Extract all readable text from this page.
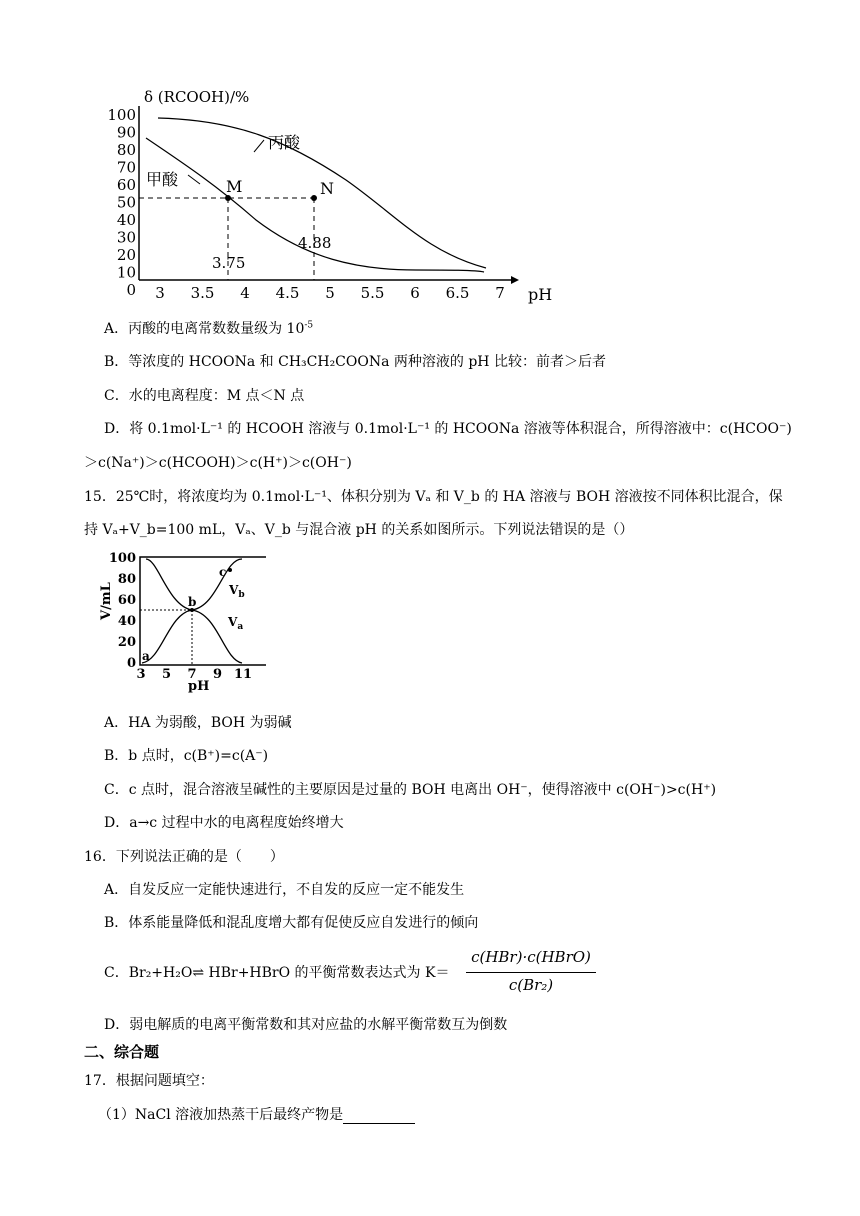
δ (RCOOH)/%
100
90
80
70
60
50
40
30
20
10
0 3 3.5 4 4.5 5 5.5 6 6.5 7 pH
M	N
丙酸
甲酸
3.75
4.88
A．丙酸的电离常数数量级为 $10^{-5}$
B．等浓度的 HCOONa 和 CH₃CH₂COONa 两种溶液的 pH 比较：前者＞后者
C．水的电离程度：M 点＜N 点
D．将 0.1mol·L⁻¹ 的 HCOOH 溶液与 0.1mol·L⁻¹ 的 HCOONa 溶液等体积混合，所得溶液中：c(HCOO⁻)
＞c(Na⁺)＞c(HCOOH)＞c(H⁺)＞c(OH⁻)
15．25℃时，将浓度均为 0.1mol·L⁻¹、体积分别为 Vₐ 和 V_b 的 HA 溶液与 BOH 溶液按不同体积比混合，保
持 Vₐ+V_b=100 mL，Vₐ、V_b 与混合液 pH 的关系如图所示。下列说法错误的是（）
100
80
60
40
20
0
3 5 7 9 11
V/mL
pH
a
b
c
$V_b$
$V_a$
A．HA 为弱酸，BOH 为弱碱
B．b 点时，c(B⁺)=c(A⁻)
C．c 点时，混合溶液呈碱性的主要原因是过量的 BOH 电离出 OH⁻，使得溶液中 c(OH⁻)>c(H⁺)
D．a→c 过程中水的电离程度始终增大
16．下列说法正确的是（　　）
A．自发反应一定能快速进行，不自发的反应一定不能发生
B．体系能量降低和混乱度增大都有促使反应自发进行的倾向
C．Br₂+H₂O⇌ HBr+HBrO 的平衡常数表达式为 K＝
c(HBr)·c(HBrO)
c(Br₂)
D．弱电解质的电离平衡常数和其对应盐的水解平衡常数互为倒数
二、综合题
17．根据问题填空：
（1）NaCl 溶液加热蒸干后最终产物是
